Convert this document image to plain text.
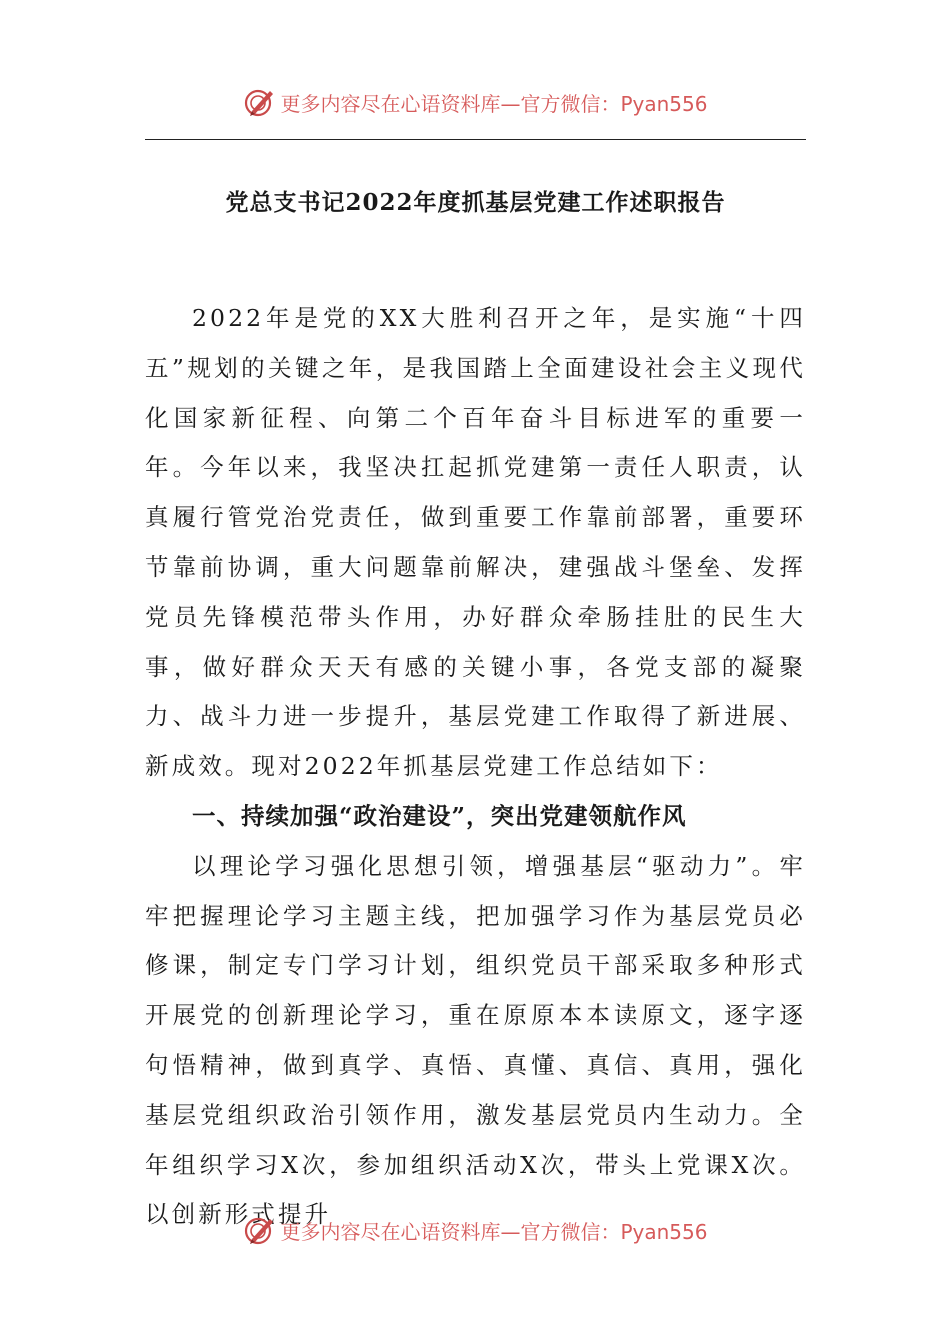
更多内容尽在心语资料库—官方微信：Pyan556
党总支书记2022年度抓基层党建工作述职报告

2022年是党的XX大胜利召开之年，是实施“十四五”规划的关键之年，是我国踏上全面建设社会主义现代化国家新征程、向第二个百年奋斗目标进军的重要一年。今年以来，我坚决扛起抓党建第一责任人职责，认真履行管党治党责任，做到重要工作靠前部署，重要环节靠前协调，重大问题靠前解决，建强战斗堡垒、发挥党员先锋模范带头作用，办好群众牵肠挂肚的民生大事，做好群众天天有感的关键小事，各党支部的凝聚力、战斗力进一步提升，基层党建工作取得了新进展、新成效。现对2022年抓基层党建工作总结如下：

一、持续加强“政治建设”，突出党建领航作风

以理论学习强化思想引领，增强基层“驱动力”。牢牢把握理论学习主题主线，把加强学习作为基层党员必修课，制定专门学习计划，组织党员干部采取多种形式开展党的创新理论学习，重在原原本本读原文，逐字逐句悟精神，做到真学、真悟、真懂、真信、真用，强化基层党组织政治引领作用，激发基层党员内生动力。全年组织学习X次，参加组织活动X次，带头上党课X次。以创新形式提升

更多内容尽在心语资料库—官方微信：Pyan556
